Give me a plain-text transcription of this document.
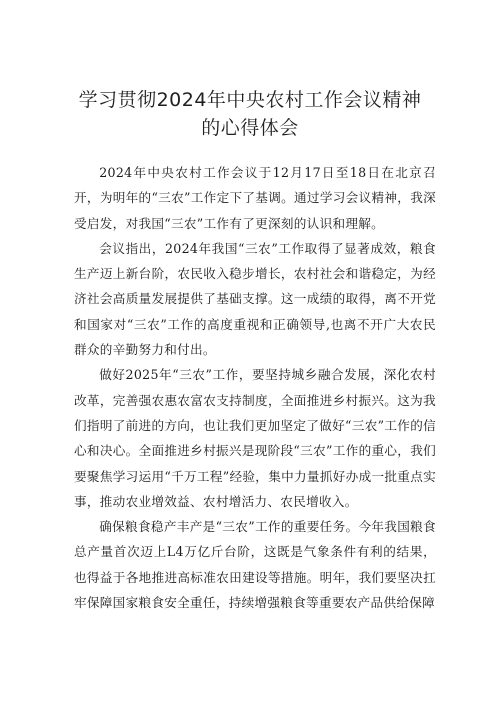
学习贯彻2024年中央农村工作会议精神
的心得体会

2024年中央农村工作会议于12月17日至18日在北京召开，为明年的“三农”工作定下了基调。通过学习会议精神，我深受启发，对我国“三农”工作有了更深刻的认识和理解。

会议指出，2024年我国“三农”工作取得了显著成效，粮食生产迈上新台阶，农民收入稳步增长，农村社会和谐稳定，为经济社会高质量发展提供了基础支撑。这一成绩的取得，离不开党和国家对“三农”工作的高度重视和正确领导,也离不开广大农民群众的辛勤努力和付出。

做好2025年“三农”工作，要坚持城乡融合发展，深化农村改革，完善强农惠农富农支持制度，全面推进乡村振兴。这为我们指明了前进的方向，也让我们更加坚定了做好“三农”工作的信心和决心。全面推进乡村振兴是现阶段“三农”工作的重心，我们要聚焦学习运用“千万工程”经验，集中力量抓好办成一批重点实事，推动农业增效益、农村增活力、农民增收入。

确保粮食稳产丰产是“三农”工作的重要任务。今年我国粮食总产量首次迈上L4万亿斤台阶，这既是气象条件有利的结果，也得益于各地推进高标准农田建设等措施。明年，我们要坚决扛牢保障国家粮食安全重任，持续增强粮食等重要农产品供给保障
